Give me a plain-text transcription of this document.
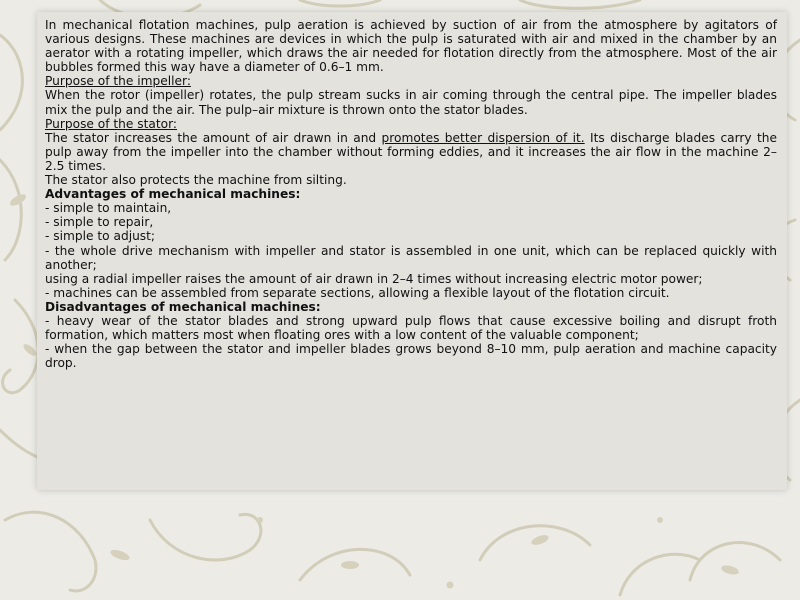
In mechanical flotation machines, pulp aeration is achieved by suction of air from the atmosphere by agitators of various designs. These machines are devices in which the pulp is saturated with air and mixed in the chamber by an aerator with a rotating impeller, which draws the air needed for flotation directly from the atmosphere. Most of the air bubbles formed this way have a diameter of 0.6–1 mm.

Purpose of the impeller:

When the rotor (impeller) rotates, the pulp stream sucks in air coming through the central pipe. The impeller blades mix the pulp and the air. The pulp–air mixture is thrown onto the stator blades.

Purpose of the stator:

The stator increases the amount of air drawn in and promotes better dispersion of it. Its discharge blades carry the pulp away from the impeller into the chamber without forming eddies, and it increases the air flow in the machine 2–2.5 times.

The stator also protects the machine from silting.

Advantages of mechanical machines:

- simple to maintain,

- simple to repair,

- simple to adjust;

- the whole drive mechanism with impeller and stator is assembled in one unit, which can be replaced quickly with another;

using a radial impeller raises the amount of air drawn in 2–4 times without increasing electric motor power;

- machines can be assembled from separate sections, allowing a flexible layout of the flotation circuit.

Disadvantages of mechanical machines:

- heavy wear of the stator blades and strong upward pulp flows that cause excessive boiling and disrupt froth formation, which matters most when floating ores with a low content of the valuable component;

- when the gap between the stator and impeller blades grows beyond 8–10 mm, pulp aeration and machine capacity drop.
